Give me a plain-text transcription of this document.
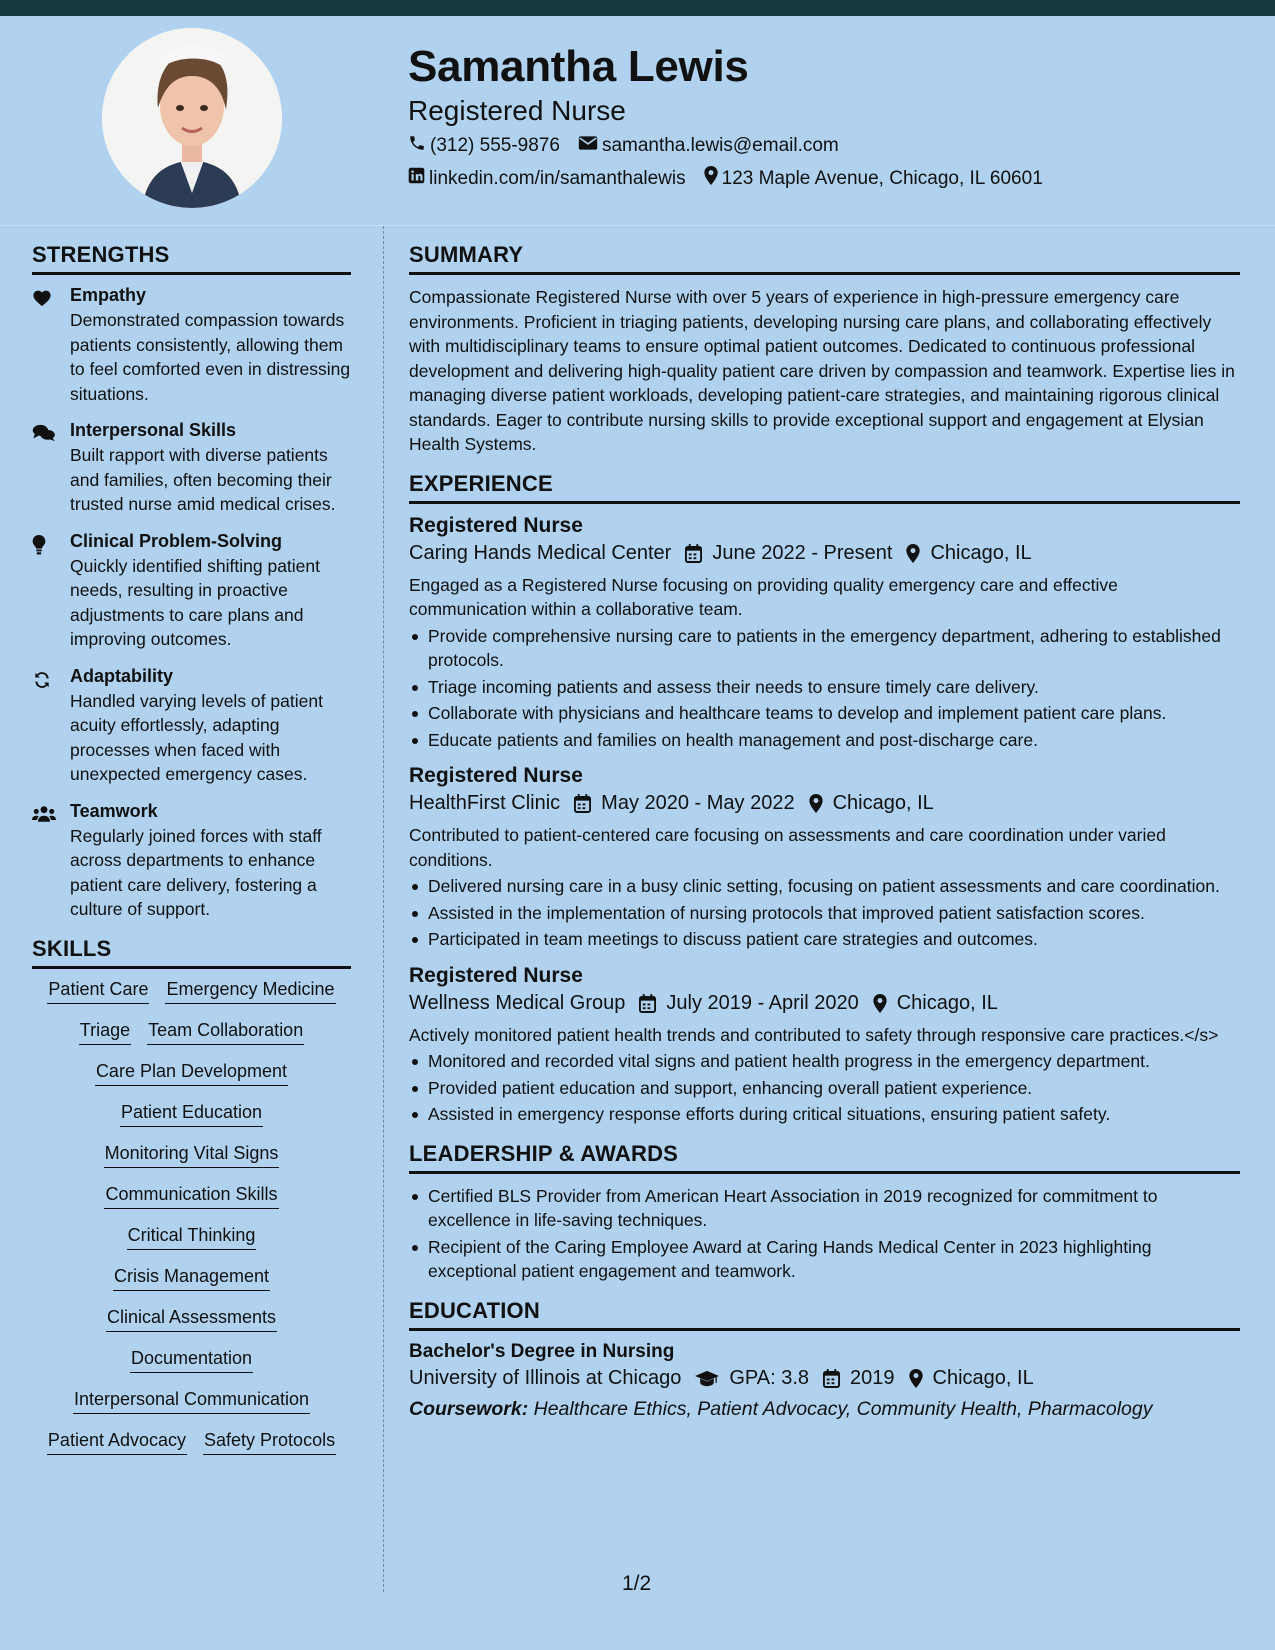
Samantha Lewis
Registered Nurse
(312) 555-9876 samantha.lewis@email.com
linkedin.com/in/samanthalewis 123 Maple Avenue, Chicago, IL 60601
STRENGTHS
Empathy
Demonstrated compassion towards patients consistently, allowing them to feel comforted even in distressing situations.
Interpersonal Skills
Built rapport with diverse patients and families, often becoming their trusted nurse amid medical crises.
Clinical Problem-Solving
Quickly identified shifting patient needs, resulting in proactive adjustments to care plans and improving outcomes.
Adaptability
Handled varying levels of patient acuity effortlessly, adapting processes when faced with unexpected emergency cases.
Teamwork
Regularly joined forces with staff across departments to enhance patient care delivery, fostering a culture of support.
SKILLS
Patient Care Emergency Medicine
Triage Team Collaboration
Care Plan Development
Patient Education
Monitoring Vital Signs
Communication Skills
Critical Thinking
Crisis Management
Clinical Assessments
Documentation
Interpersonal Communication
Patient Advocacy Safety Protocols
SUMMARY
Compassionate Registered Nurse with over 5 years of experience in high-pressure emergency care environments. Proficient in triaging patients, developing nursing care plans, and collaborating effectively with multidisciplinary teams to ensure optimal patient outcomes. Dedicated to continuous professional development and delivering high-quality patient care driven by compassion and teamwork. Expertise lies in managing diverse patient workloads, developing patient-care strategies, and maintaining rigorous clinical standards. Eager to contribute nursing skills to provide exceptional support and engagement at Elysian Health Systems.
EXPERIENCE
Registered Nurse
Caring Hands Medical Center June 2022 - Present Chicago, IL
Engaged as a Registered Nurse focusing on providing quality emergency care and effective communication within a collaborative team.
Provide comprehensive nursing care to patients in the emergency department, adhering to established protocols.
Triage incoming patients and assess their needs to ensure timely care delivery.
Collaborate with physicians and healthcare teams to develop and implement patient care plans.
Educate patients and families on health management and post-discharge care.
Registered Nurse
HealthFirst Clinic May 2020 - May 2022 Chicago, IL
Contributed to patient-centered care focusing on assessments and care coordination under varied conditions.
Delivered nursing care in a busy clinic setting, focusing on patient assessments and care coordination.
Assisted in the implementation of nursing protocols that improved patient satisfaction scores.
Participated in team meetings to discuss patient care strategies and outcomes.
Registered Nurse
Wellness Medical Group July 2019 - April 2020 Chicago, IL
Actively monitored patient health trends and contributed to safety through responsive care practices.</s>
Monitored and recorded vital signs and patient health progress in the emergency department.
Provided patient education and support, enhancing overall patient experience.
Assisted in emergency response efforts during critical situations, ensuring patient safety.
LEADERSHIP & AWARDS
Certified BLS Provider from American Heart Association in 2019 recognized for commitment to excellence in life-saving techniques.
Recipient of the Caring Employee Award at Caring Hands Medical Center in 2023 highlighting exceptional patient engagement and teamwork.
EDUCATION
Bachelor's Degree in Nursing
University of Illinois at Chicago GPA: 3.8 2019 Chicago, IL
Coursework: Healthcare Ethics, Patient Advocacy, Community Health, Pharmacology
1/2
